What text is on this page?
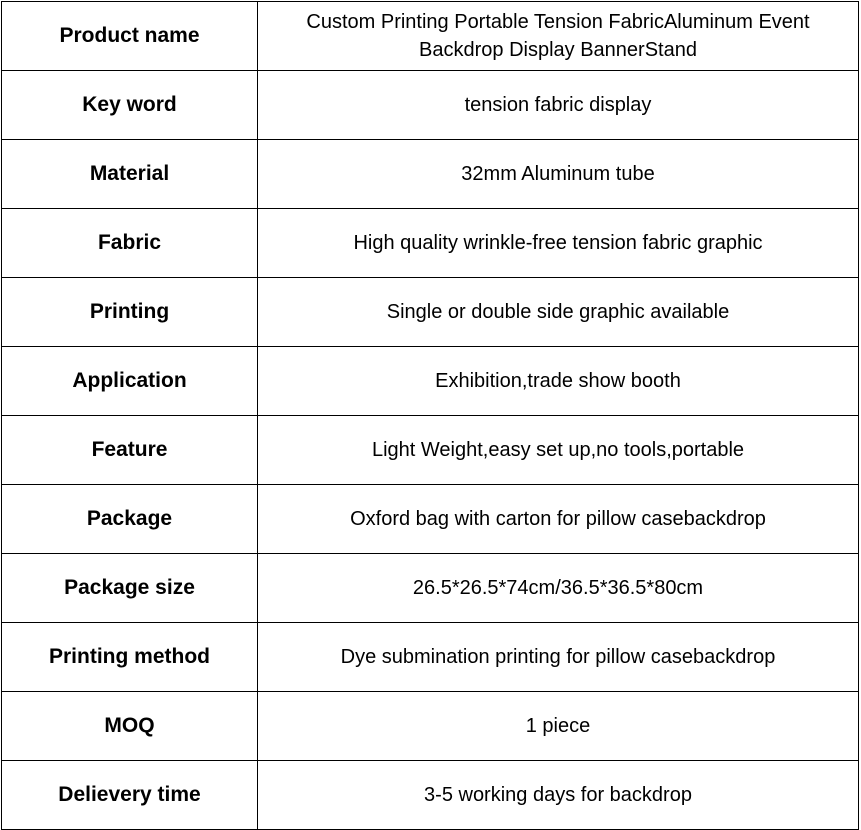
Product name	Custom Printing Portable Tension FabricAluminum Event Backdrop Display BannerStand
Key word	tension fabric display
Material	32mm Aluminum tube
Fabric	High quality wrinkle-free tension fabric graphic
Printing	Single or double side graphic available
Application	Exhibition,trade show booth
Feature	Light Weight,easy set up,no tools,portable
Package	Oxford bag with carton for pillow casebackdrop
Package size	26.5*26.5*74cm/36.5*36.5*80cm
Printing method	Dye submination printing for pillow casebackdrop
MOQ	1 piece
Delievery time	3-5 working days for backdrop
